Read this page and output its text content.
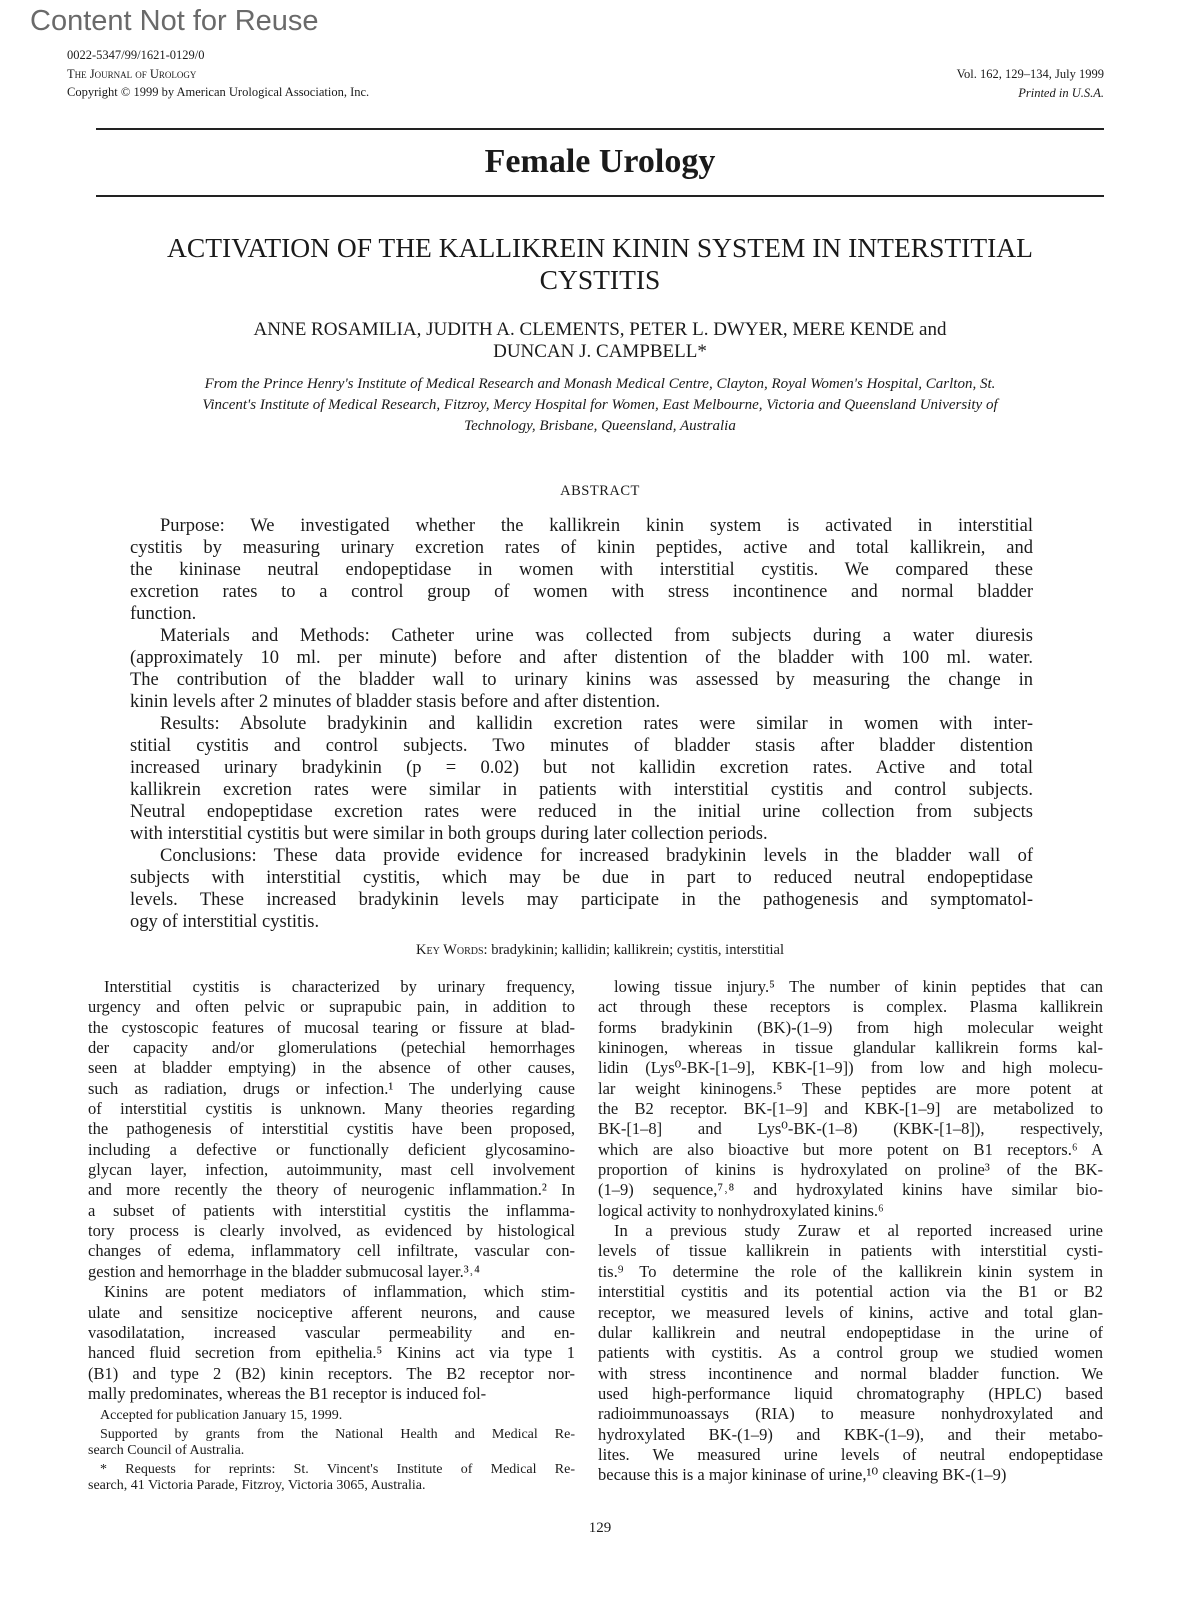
Content Not for Reuse
0022-5347/99/1621-0129/0
The Journal of Urology
Copyright © 1999 by American Urological Association, Inc.
Vol. 162, 129–134, July 1999
Printed in U.S.A.
Female Urology
ACTIVATION OF THE KALLIKREIN KININ SYSTEM IN INTERSTITIAL
CYSTITIS
ANNE ROSAMILIA, JUDITH A. CLEMENTS, PETER L. DWYER, MERE KENDE and
DUNCAN J. CAMPBELL*
From the Prince Henry's Institute of Medical Research and Monash Medical Centre, Clayton, Royal Women's Hospital, Carlton, St.
Vincent's Institute of Medical Research, Fitzroy, Mercy Hospital for Women, East Melbourne, Victoria and Queensland University of
Technology, Brisbane, Queensland, Australia
ABSTRACT
Purpose: We investigated whether the kallikrein kinin system is activated in interstitial
cystitis by measuring urinary excretion rates of kinin peptides, active and total kallikrein, and
the kininase neutral endopeptidase in women with interstitial cystitis. We compared these
excretion rates to a control group of women with stress incontinence and normal bladder
function.
Materials and Methods: Catheter urine was collected from subjects during a water diuresis
(approximately 10 ml. per minute) before and after distention of the bladder with 100 ml. water.
The contribution of the bladder wall to urinary kinins was assessed by measuring the change in
kinin levels after 2 minutes of bladder stasis before and after distention.
Results: Absolute bradykinin and kallidin excretion rates were similar in women with inter-
stitial cystitis and control subjects. Two minutes of bladder stasis after bladder distention
increased urinary bradykinin (p = 0.02) but not kallidin excretion rates. Active and total
kallikrein excretion rates were similar in patients with interstitial cystitis and control subjects.
Neutral endopeptidase excretion rates were reduced in the initial urine collection from subjects
with interstitial cystitis but were similar in both groups during later collection periods.
Conclusions: These data provide evidence for increased bradykinin levels in the bladder wall of
subjects with interstitial cystitis, which may be due in part to reduced neutral endopeptidase
levels. These increased bradykinin levels may participate in the pathogenesis and symptomatol-
ogy of interstitial cystitis.
Key Words: bradykinin; kallidin; kallikrein; cystitis, interstitial
Interstitial cystitis is characterized by urinary frequency,
urgency and often pelvic or suprapubic pain, in addition to
the cystoscopic features of mucosal tearing or fissure at blad-
der capacity and/or glomerulations (petechial hemorrhages
seen at bladder emptying) in the absence of other causes,
such as radiation, drugs or infection.¹ The underlying cause
of interstitial cystitis is unknown. Many theories regarding
the pathogenesis of interstitial cystitis have been proposed,
including a defective or functionally deficient glycosamino-
glycan layer, infection, autoimmunity, mast cell involvement
and more recently the theory of neurogenic inflammation.² In
a subset of patients with interstitial cystitis the inflamma-
tory process is clearly involved, as evidenced by histological
changes of edema, inflammatory cell infiltrate, vascular con-
gestion and hemorrhage in the bladder submucosal layer.³˒⁴
Kinins are potent mediators of inflammation, which stim-
ulate and sensitize nociceptive afferent neurons, and cause
vasodilatation, increased vascular permeability and en-
hanced fluid secretion from epithelia.⁵ Kinins act via type 1
(B1) and type 2 (B2) kinin receptors. The B2 receptor nor-
mally predominates, whereas the B1 receptor is induced fol-
lowing tissue injury.⁵ The number of kinin peptides that can
act through these receptors is complex. Plasma kallikrein
forms bradykinin (BK)-(1–9) from high molecular weight
kininogen, whereas in tissue glandular kallikrein forms kal-
lidin (Lys⁰-BK-[1–9], KBK-[1–9]) from low and high molecu-
lar weight kininogens.⁵ These peptides are more potent at
the B2 receptor. BK-[1–9] and KBK-[1–9] are metabolized to
BK-[1–8] and Lys⁰-BK-(1–8) (KBK-[1–8]), respectively,
which are also bioactive but more potent on B1 receptors.⁶ A
proportion of kinins is hydroxylated on proline³ of the BK-
(1–9) sequence,⁷˒⁸ and hydroxylated kinins have similar bio-
logical activity to nonhydroxylated kinins.⁶
In a previous study Zuraw et al reported increased urine
levels of tissue kallikrein in patients with interstitial cysti-
tis.⁹ To determine the role of the kallikrein kinin system in
interstitial cystitis and its potential action via the B1 or B2
receptor, we measured levels of kinins, active and total glan-
dular kallikrein and neutral endopeptidase in the urine of
patients with cystitis. As a control group we studied women
with stress incontinence and normal bladder function. We
used high-performance liquid chromatography (HPLC) based
radioimmunoassays (RIA) to measure nonhydroxylated and
hydroxylated BK-(1–9) and KBK-(1–9), and their metabo-
lites. We measured urine levels of neutral endopeptidase
because this is a major kininase of urine,¹⁰ cleaving BK-(1–9)
Accepted for publication January 15, 1999.
Supported by grants from the National Health and Medical Re-
search Council of Australia.
* Requests for reprints: St. Vincent's Institute of Medical Re-
search, 41 Victoria Parade, Fitzroy, Victoria 3065, Australia.
129
